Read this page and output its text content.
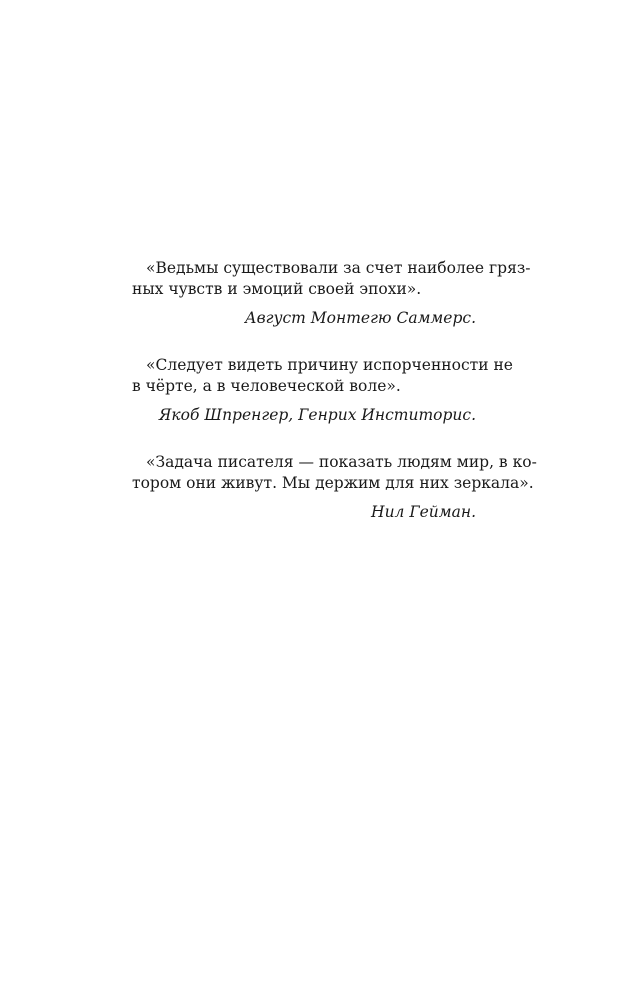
«Ведьмы существовали за счет наиболее гряз-
ных чувств и эмоций своей эпохи».
Август Монтегю Саммерс.
«Следует видеть причину испорченности не
в чёрте, а в человеческой воле».
Якоб Шпренгер, Генрих Инститорис.
«Задача писателя — показать людям мир, в ко-
тором они живут. Мы держим для них зеркала».
Нил Гейман.
